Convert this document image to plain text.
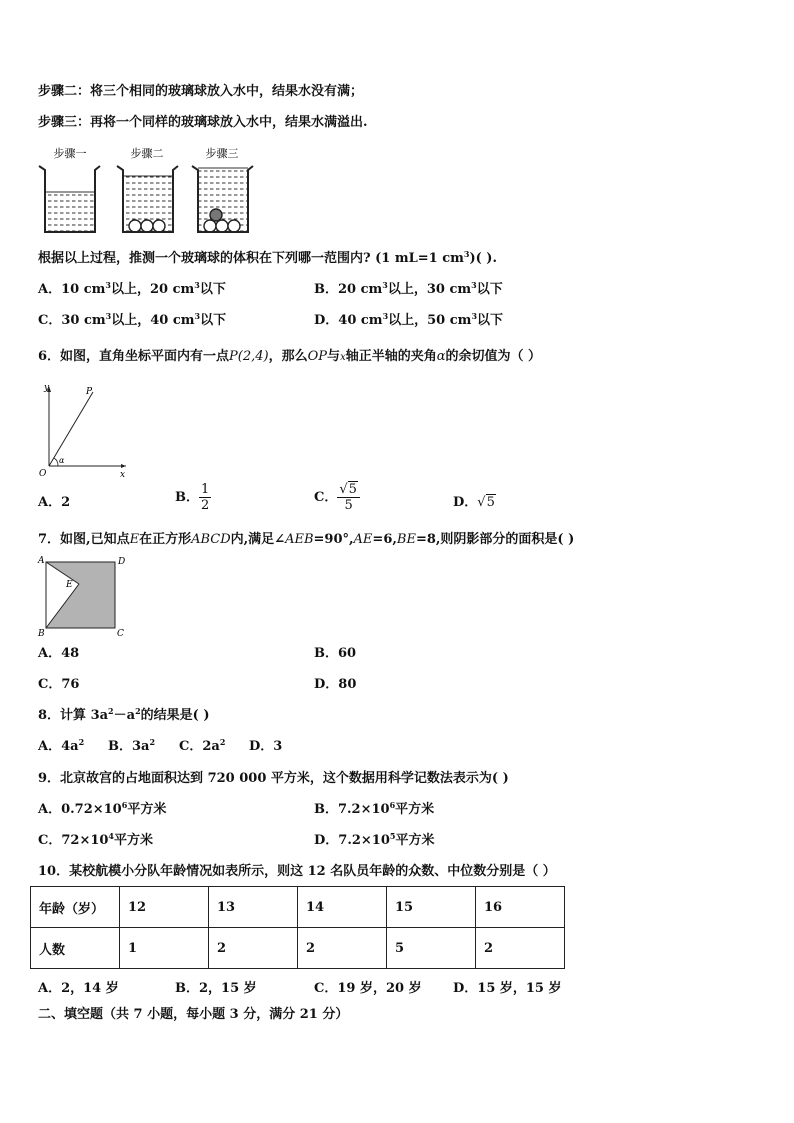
步骤二：将三个相同的玻璃球放入水中，结果水没有满；
步骤三：再将一个同样的玻璃球放入水中，结果水满溢出.
步骤一	步骤二	步骤三
根据以上过程，推测一个玻璃球的体积在下列哪一范围内? (1 mL=1 $cm^3$)( ).
A．10 $cm^3$以上，20 $cm^3$以下	B．20 $cm^3$以上，30 $cm^3$以下
C．30 $cm^3$以上，40 $cm^3$以下	D．40 $cm^3$以上，50 $cm^3$以下
6．如图，直角坐标平面内有一点P(2,4)，那么OP与x轴正半轴的夹角α的余切值为（ ）
y
x
O
P
α
A．2	B． $\frac{1}{2}$	C． $\frac{√5}{5}$	D．√5
7．如图,已知点E在正方形ABCD内,满足∠AEB=90°,AE=6,BE=8,则阴影部分的面积是( )
A	D
B	C
E
A．48	B．60
C．76	D．80
8．计算 $3a^2-a^2$的结果是( )
A．$4a^2$ B．$3a^2$ C．$2a^2$ D．3
9．北京故宫的占地面积达到 720 000 平方米，这个数据用科学记数法表示为( )
A．$0.72\times 10^6$平方米	B．$7.2\times 10^6$平方米
C．$72\times 10^4$平方米	D．$7.2\times 10^5$平方米
10．某校航模小分队年龄情况如表所示，则这 12 名队员年龄的众数、中位数分别是（ ）
年龄（岁）	12	13	14	15	16
人数	1	2	2	5	2
A．2，14 岁	B．2，15 岁	C．19 岁，20 岁 D．15 岁，15 岁
二、填空题（共 7 小题，每小题 3 分，满分 21 分）
